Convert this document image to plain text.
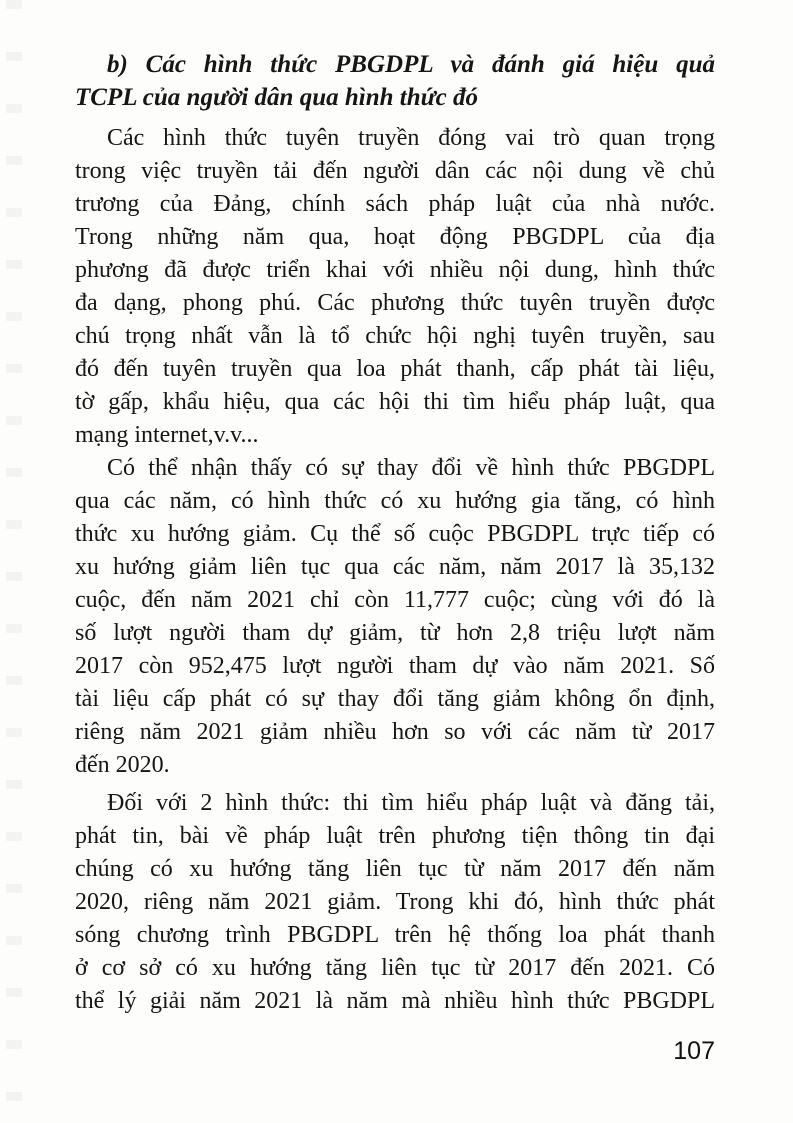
b) Các hình thức PBGDPL và đánh giá hiệu quả
TCPL của người dân qua hình thức đó
Các hình thức tuyên truyền đóng vai trò quan trọng
trong việc truyền tải đến người dân các nội dung về chủ
trương của Đảng, chính sách pháp luật của nhà nước.
Trong những năm qua, hoạt động PBGDPL của địa
phương đã được triển khai với nhiều nội dung, hình thức
đa dạng, phong phú. Các phương thức tuyên truyền được
chú trọng nhất vẫn là tổ chức hội nghị tuyên truyền, sau
đó đến tuyên truyền qua loa phát thanh, cấp phát tài liệu,
tờ gấp, khẩu hiệu, qua các hội thi tìm hiểu pháp luật, qua
mạng internet,v.v...
Có thể nhận thấy có sự thay đổi về hình thức PBGDPL
qua các năm, có hình thức có xu hướng gia tăng, có hình
thức xu hướng giảm. Cụ thể số cuộc PBGDPL trực tiếp có
xu hướng giảm liên tục qua các năm, năm 2017 là 35,132
cuộc, đến năm 2021 chỉ còn 11,777 cuộc; cùng với đó là
số lượt người tham dự giảm, từ hơn 2,8 triệu lượt năm
2017 còn 952,475 lượt người tham dự vào năm 2021. Số
tài liệu cấp phát có sự thay đổi tăng giảm không ổn định,
riêng năm 2021 giảm nhiều hơn so với các năm từ 2017
đến 2020.
Đối với 2 hình thức: thi tìm hiểu pháp luật và đăng tải,
phát tin, bài về pháp luật trên phương tiện thông tin đại
chúng có xu hướng tăng liên tục từ năm 2017 đến năm
2020, riêng năm 2021 giảm. Trong khi đó, hình thức phát
sóng chương trình PBGDPL trên hệ thống loa phát thanh
ở cơ sở có xu hướng tăng liên tục từ 2017 đến 2021. Có
thể lý giải năm 2021 là năm mà nhiều hình thức PBGDPL
107
